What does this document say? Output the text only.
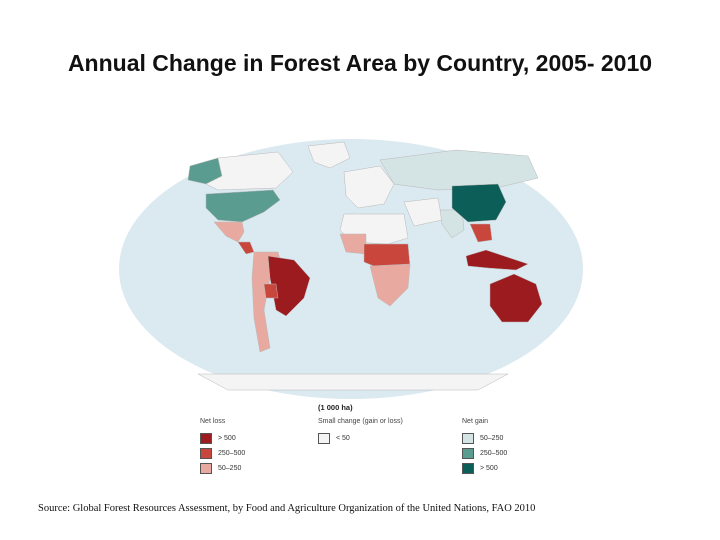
Annual Change in Forest Area by Country, 2005- 2010
(1 000 ha)
Net loss
> 500
250–500
50–250
Small change (gain or loss)
< 50
Net gain
50–250
250–500
> 500
Source: Global Forest Resources Assessment, by Food and Agriculture Organization of the United Nations, FAO 2010
